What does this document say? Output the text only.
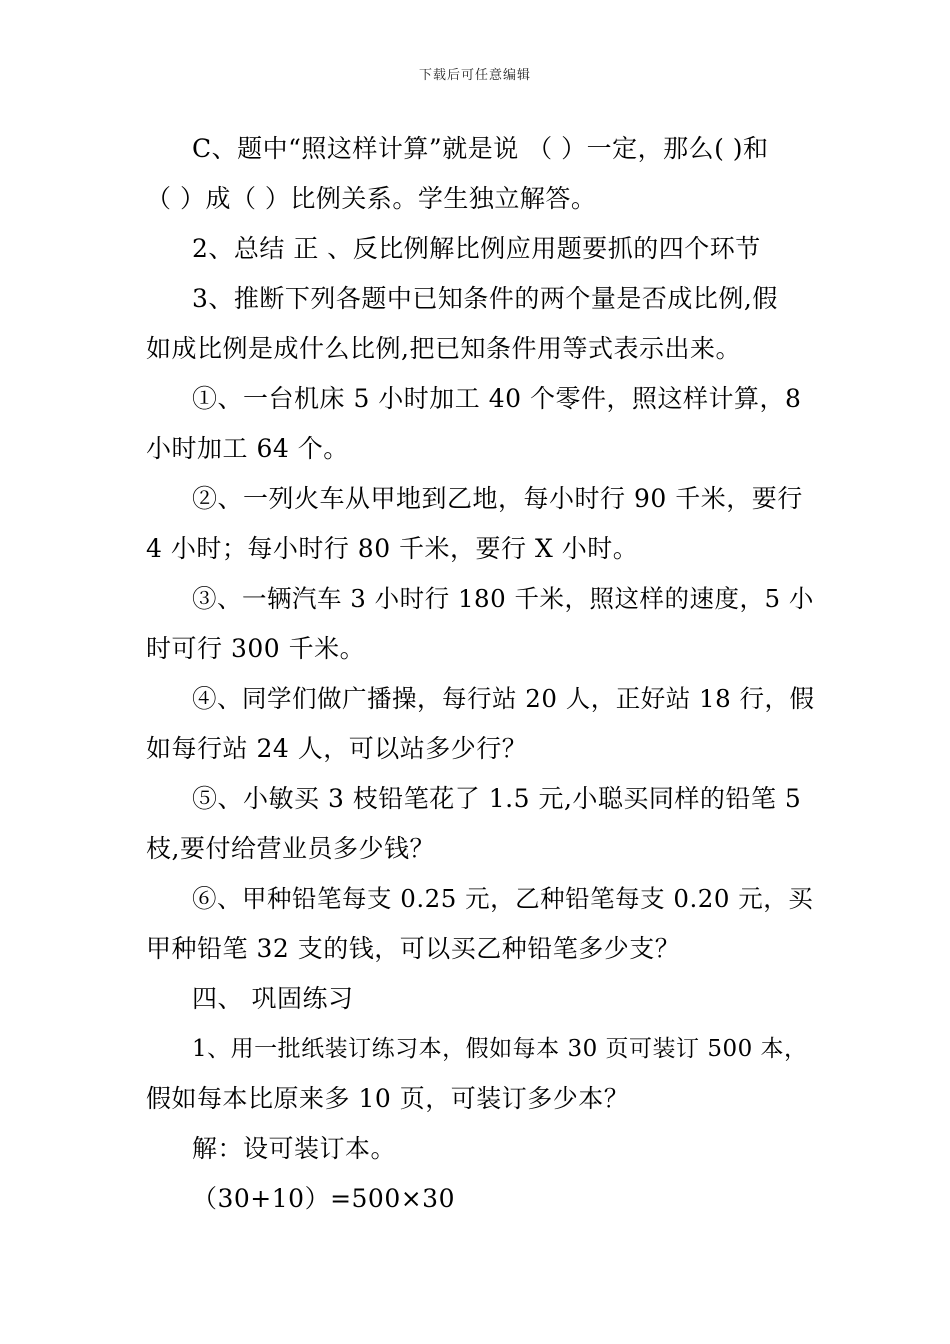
下载后可任意编辑
C、题中“照这样计算”就是说 （ ）一定，那么( )和
（ ）成（ ）比例关系。学生独立解答。
2、总结 正 、反比例解比例应用题要抓的四个环节
3、推断下列各题中已知条件的两个量是否成比例,假
如成比例是成什么比例,把已知条件用等式表示出来。
①、一台机床 5 小时加工 40 个零件，照这样计算，8
小时加工 64 个。
②、一列火车从甲地到乙地，每小时行 90 千米，要行
4 小时；每小时行 80 千米，要行 X 小时。
③、一辆汽车 3 小时行 180 千米，照这样的速度，5 小
时可行 300 千米。
④、同学们做广播操，每行站 20 人，正好站 18 行，假
如每行站 24 人，可以站多少行？
⑤、小敏买 3 枝铅笔花了 1.5 元,小聪买同样的铅笔 5
枝,要付给营业员多少钱？
⑥、甲种铅笔每支 0.25 元，乙种铅笔每支 0.20 元，买
甲种铅笔 32 支的钱，可以买乙种铅笔多少支？
四、 巩固练习
1、用一批纸装订练习本，假如每本 30 页可装订 500 本，
假如每本比原来多 10 页，可装订多少本？
解：设可装订本。
（30+10）=500×30
